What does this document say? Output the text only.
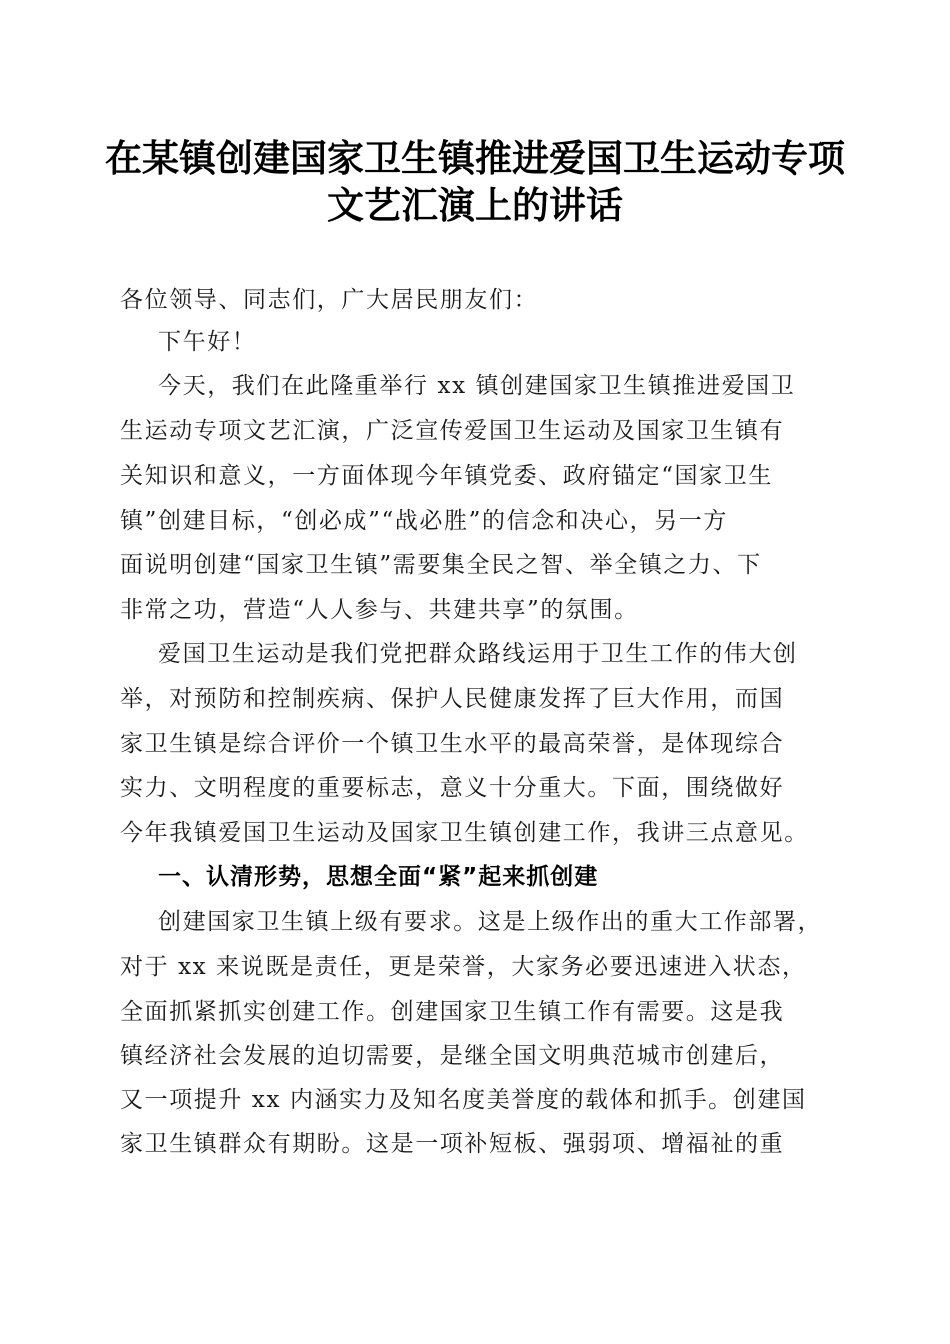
在某镇创建国家卫生镇推进爱国卫生运动专项
文艺汇演上的讲话
各位领导、同志们，广大居民朋友们：
下午好！
今天，我们在此隆重举行 xx 镇创建国家卫生镇推进爱国卫
生运动专项文艺汇演，广泛宣传爱国卫生运动及国家卫生镇有
关知识和意义，一方面体现今年镇党委、政府锚定“国家卫生
镇”创建目标，“创必成”“战必胜”的信念和决心，另一方
面说明创建“国家卫生镇”需要集全民之智、举全镇之力、下
非常之功，营造“人人参与、共建共享”的氛围。
爱国卫生运动是我们党把群众路线运用于卫生工作的伟大创
举，对预防和控制疾病、保护人民健康发挥了巨大作用，而国
家卫生镇是综合评价一个镇卫生水平的最高荣誉，是体现综合
实力、文明程度的重要标志，意义十分重大。下面，围绕做好
今年我镇爱国卫生运动及国家卫生镇创建工作，我讲三点意见。
一、认清形势，思想全面“紧”起来抓创建
创建国家卫生镇上级有要求。这是上级作出的重大工作部署，
对于 xx 来说既是责任，更是荣誉，大家务必要迅速进入状态，
全面抓紧抓实创建工作。创建国家卫生镇工作有需要。这是我
镇经济社会发展的迫切需要，是继全国文明典范城市创建后，
又一项提升 xx 内涵实力及知名度美誉度的载体和抓手。创建国
家卫生镇群众有期盼。这是一项补短板、强弱项、增福祉的重
